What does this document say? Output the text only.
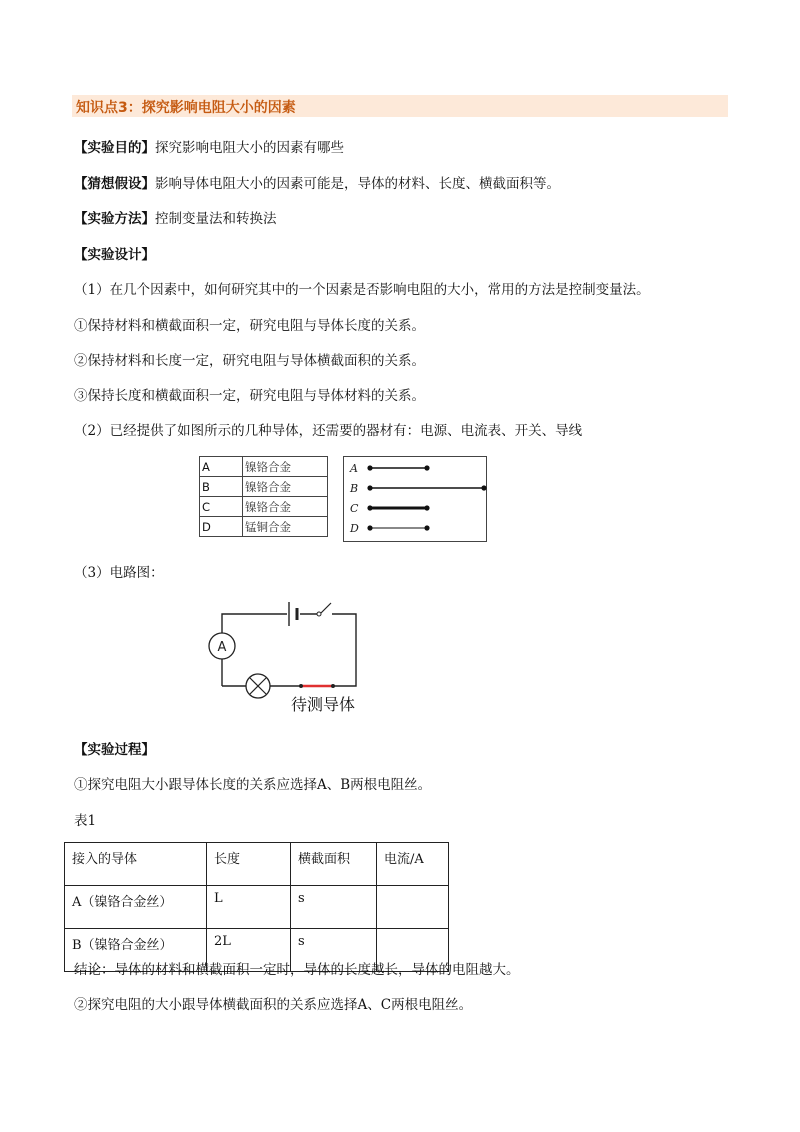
知识点3：探究影响电阻大小的因素
【实验目的】探究影响电阻大小的因素有哪些
【猜想假设】影响导体电阻大小的因素可能是，导体的材料、长度、横截面积等。
【实验方法】控制变量法和转换法
【实验设计】
（1）在几个因素中，如何研究其中的一个因素是否影响电阻的大小，常用的方法是控制变量法。
①保持材料和横截面积一定，研究电阻与导体长度的关系。
②保持材料和长度一定，研究电阻与导体横截面积的关系。
③保持长度和横截面积一定，研究电阻与导体材料的关系。
（2）已经提供了如图所示的几种导体，还需要的器材有：电源、电流表、开关、导线
A	镍铬合金
B	镍铬合金
C	镍铬合金
D	锰铜合金
A
B
C
D
（3）电路图：
A
待测导体
【实验过程】
①探究电阻大小跟导体长度的关系应选择A、B两根电阻丝。
表1
接入的导体	长度	横截面积	电流/A
A（镍铬合金丝）	L	s	
B（镍铬合金丝）	2L	s	
结论：导体的材料和横截面积一定时，导体的长度越长，导体的电阻越大。
②探究电阻的大小跟导体横截面积的关系应选择A、C两根电阻丝。
